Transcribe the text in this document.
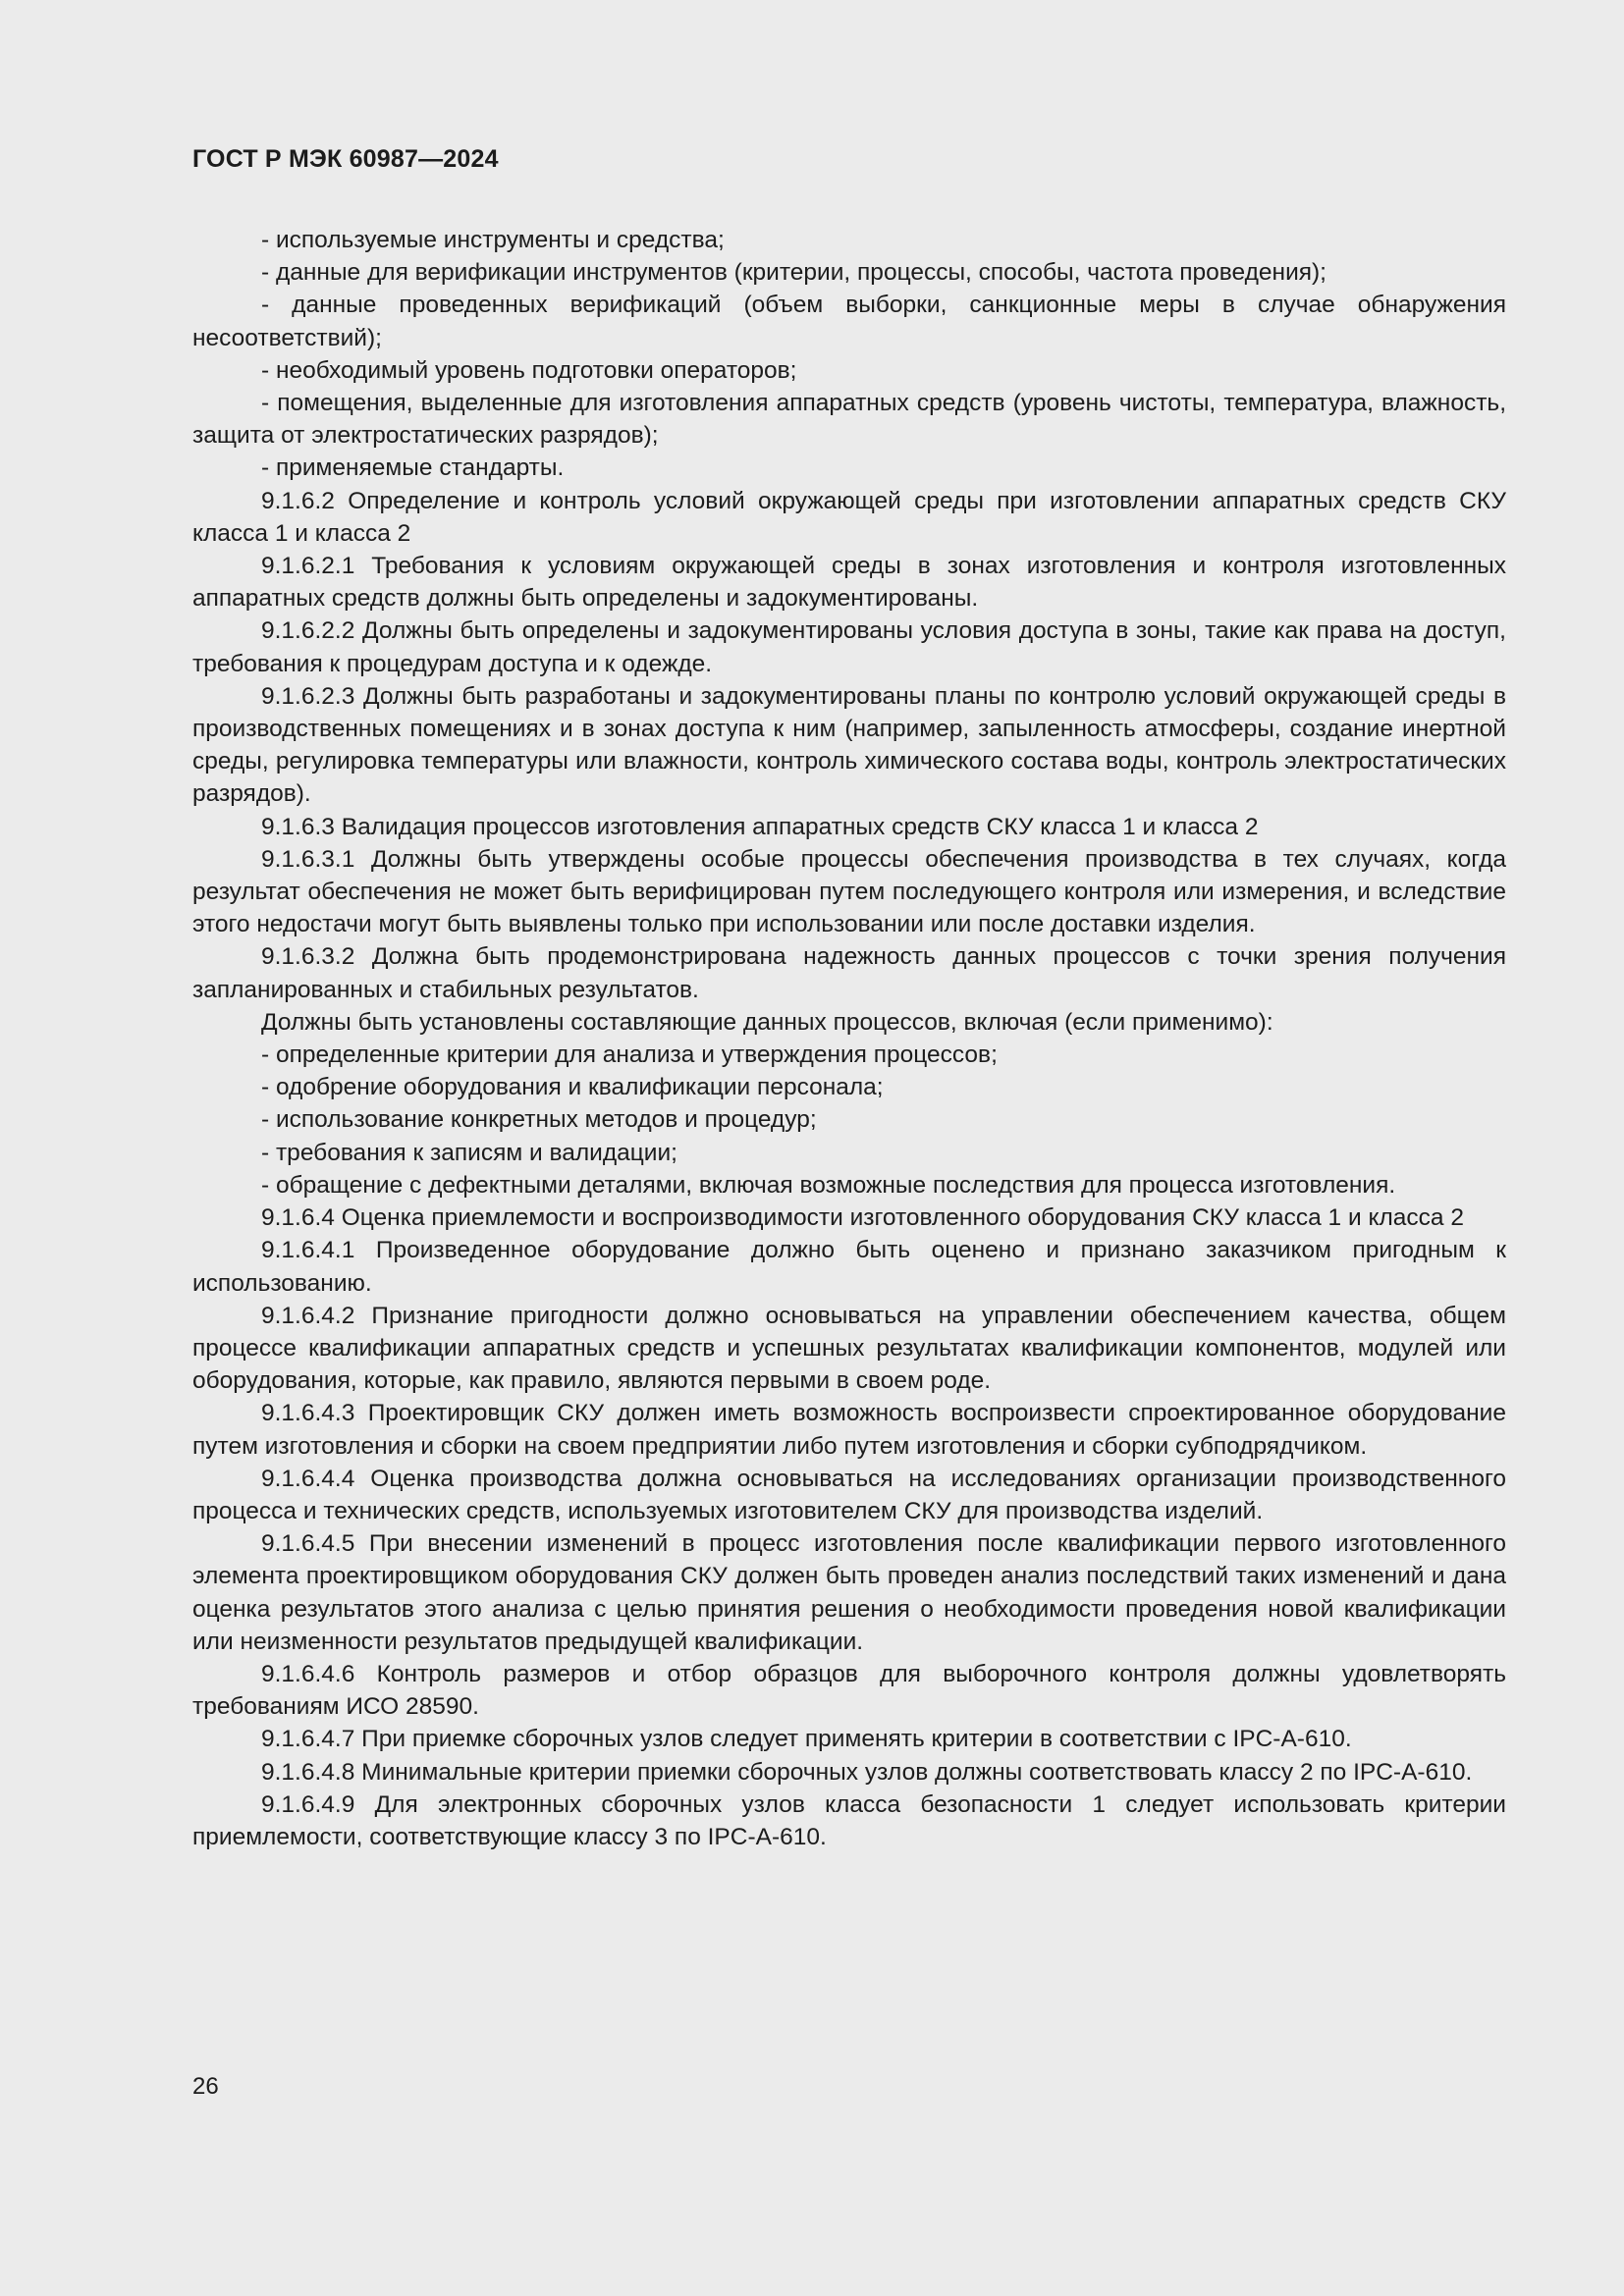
ГОСТ Р МЭК 60987—2024

- используемые инструменты и средства;

- данные для верификации инструментов (критерии, процессы, способы, частота проведения);

- данные проведенных верификаций (объем выборки, санкционные меры в случае обнаружения несоответствий);

- необходимый уровень подготовки операторов;

- помещения, выделенные для изготовления аппаратных средств (уровень чистоты, температура, влажность, защита от электростатических разрядов);

- применяемые стандарты.

9.1.6.2 Определение и контроль условий окружающей среды при изготовлении аппаратных средств СКУ класса 1 и класса 2

9.1.6.2.1 Требования к условиям окружающей среды в зонах изготовления и контроля изготовленных аппаратных средств должны быть определены и задокументированы.

9.1.6.2.2 Должны быть определены и задокументированы условия доступа в зоны, такие как права на доступ, требования к процедурам доступа и к одежде.

9.1.6.2.3 Должны быть разработаны и задокументированы планы по контролю условий окружающей среды в производственных помещениях и в зонах доступа к ним (например, запыленность атмосферы, создание инертной среды, регулировка температуры или влажности, контроль химического состава воды, контроль электростатических разрядов).

9.1.6.3 Валидация процессов изготовления аппаратных средств СКУ класса 1 и класса 2

9.1.6.3.1 Должны быть утверждены особые процессы обеспечения производства в тех случаях, когда результат обеспечения не может быть верифицирован путем последующего контроля или измерения, и вследствие этого недостачи могут быть выявлены только при использовании или после доставки изделия.

9.1.6.3.2 Должна быть продемонстрирована надежность данных процессов с точки зрения получения запланированных и стабильных результатов.

Должны быть установлены составляющие данных процессов, включая (если применимо):

- определенные критерии для анализа и утверждения процессов;

- одобрение оборудования и квалификации персонала;

- использование конкретных методов и процедур;

- требования к записям и валидации;

- обращение с дефектными деталями, включая возможные последствия для процесса изготовления.

9.1.6.4 Оценка приемлемости и воспроизводимости изготовленного оборудования СКУ класса 1 и класса 2

9.1.6.4.1 Произведенное оборудование должно быть оценено и признано заказчиком пригодным к использованию.

9.1.6.4.2 Признание пригодности должно основываться на управлении обеспечением качества, общем процессе квалификации аппаратных средств и успешных результатах квалификации компонентов, модулей или оборудования, которые, как правило, являются первыми в своем роде.

9.1.6.4.3 Проектировщик СКУ должен иметь возможность воспроизвести спроектированное оборудование путем изготовления и сборки на своем предприятии либо путем изготовления и сборки субподрядчиком.

9.1.6.4.4 Оценка производства должна основываться на исследованиях организации производственного процесса и технических средств, используемых изготовителем СКУ для производства изделий.

9.1.6.4.5 При внесении изменений в процесс изготовления после квалификации первого изготовленного элемента проектировщиком оборудования СКУ должен быть проведен анализ последствий таких изменений и дана оценка результатов этого анализа с целью принятия решения о необходимости проведения новой квалификации или неизменности результатов предыдущей квалификации.

9.1.6.4.6 Контроль размеров и отбор образцов для выборочного контроля должны удовлетворять требованиям ИСО 28590.

9.1.6.4.7 При приемке сборочных узлов следует применять критерии в соответствии с IPC-A-610.

9.1.6.4.8 Минимальные критерии приемки сборочных узлов должны соответствовать классу 2 по IPC-A-610.

9.1.6.4.9 Для электронных сборочных узлов класса безопасности 1 следует использовать критерии приемлемости, соответствующие классу 3 по IPC-A-610.

26
